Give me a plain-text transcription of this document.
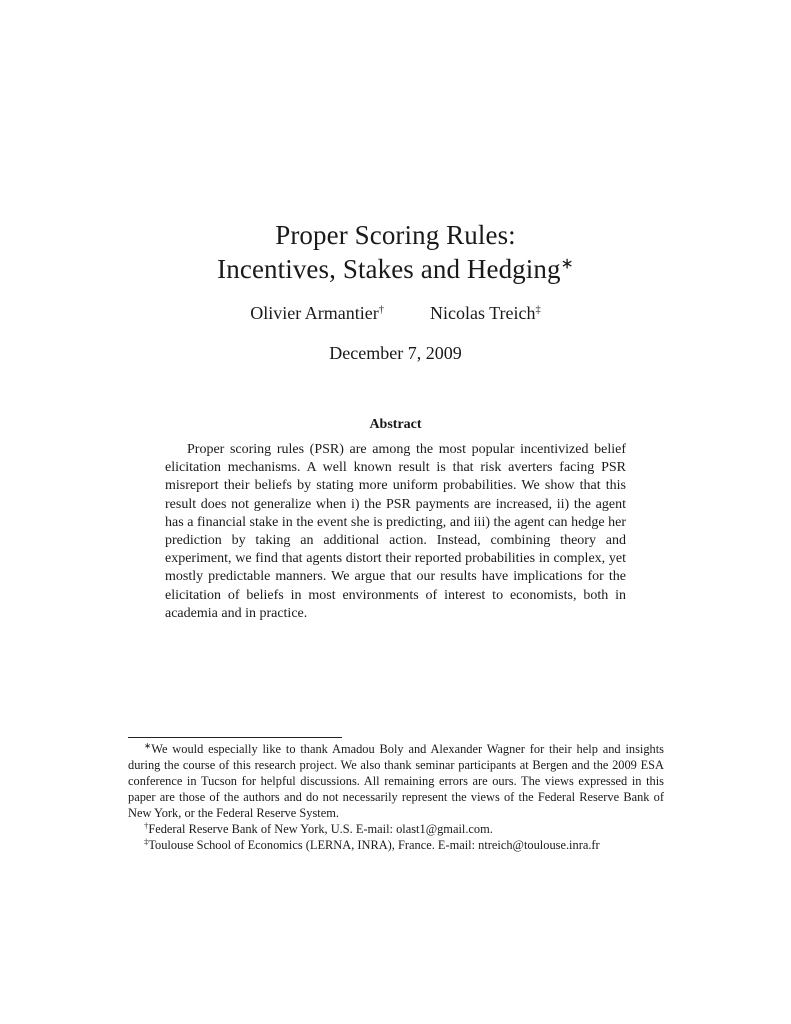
Proper Scoring Rules:
Incentives, Stakes and Hedging∗
Olivier Armantier†	Nicolas Treich‡
December 7, 2009
Abstract
Proper scoring rules (PSR) are among the most popular incentivized belief elicitation mechanisms. A well known result is that risk averters facing PSR misreport their beliefs by stating more uniform probabilities. We show that this result does not generalize when i) the PSR payments are increased, ii) the agent has a financial stake in the event she is predicting, and iii) the agent can hedge her prediction by taking an additional action. Instead, combining theory and experiment, we find that agents distort their reported probabilities in complex, yet mostly predictable manners. We argue that our results have implications for the elicitation of beliefs in most environments of interest to economists, both in academia and in practice.

∗We would especially like to thank Amadou Boly and Alexander Wagner for their help and insights during the course of this research project. We also thank seminar participants at Bergen and the 2009 ESA conference in Tucson for helpful discussions. All remaining errors are ours. The views expressed in this paper are those of the authors and do not necessarily represent the views of the Federal Reserve Bank of New York, or the Federal Reserve System.

†Federal Reserve Bank of New York, U.S. E-mail: olast1@gmail.com.

‡Toulouse School of Economics (LERNA, INRA), France. E-mail: ntreich@toulouse.inra.fr
